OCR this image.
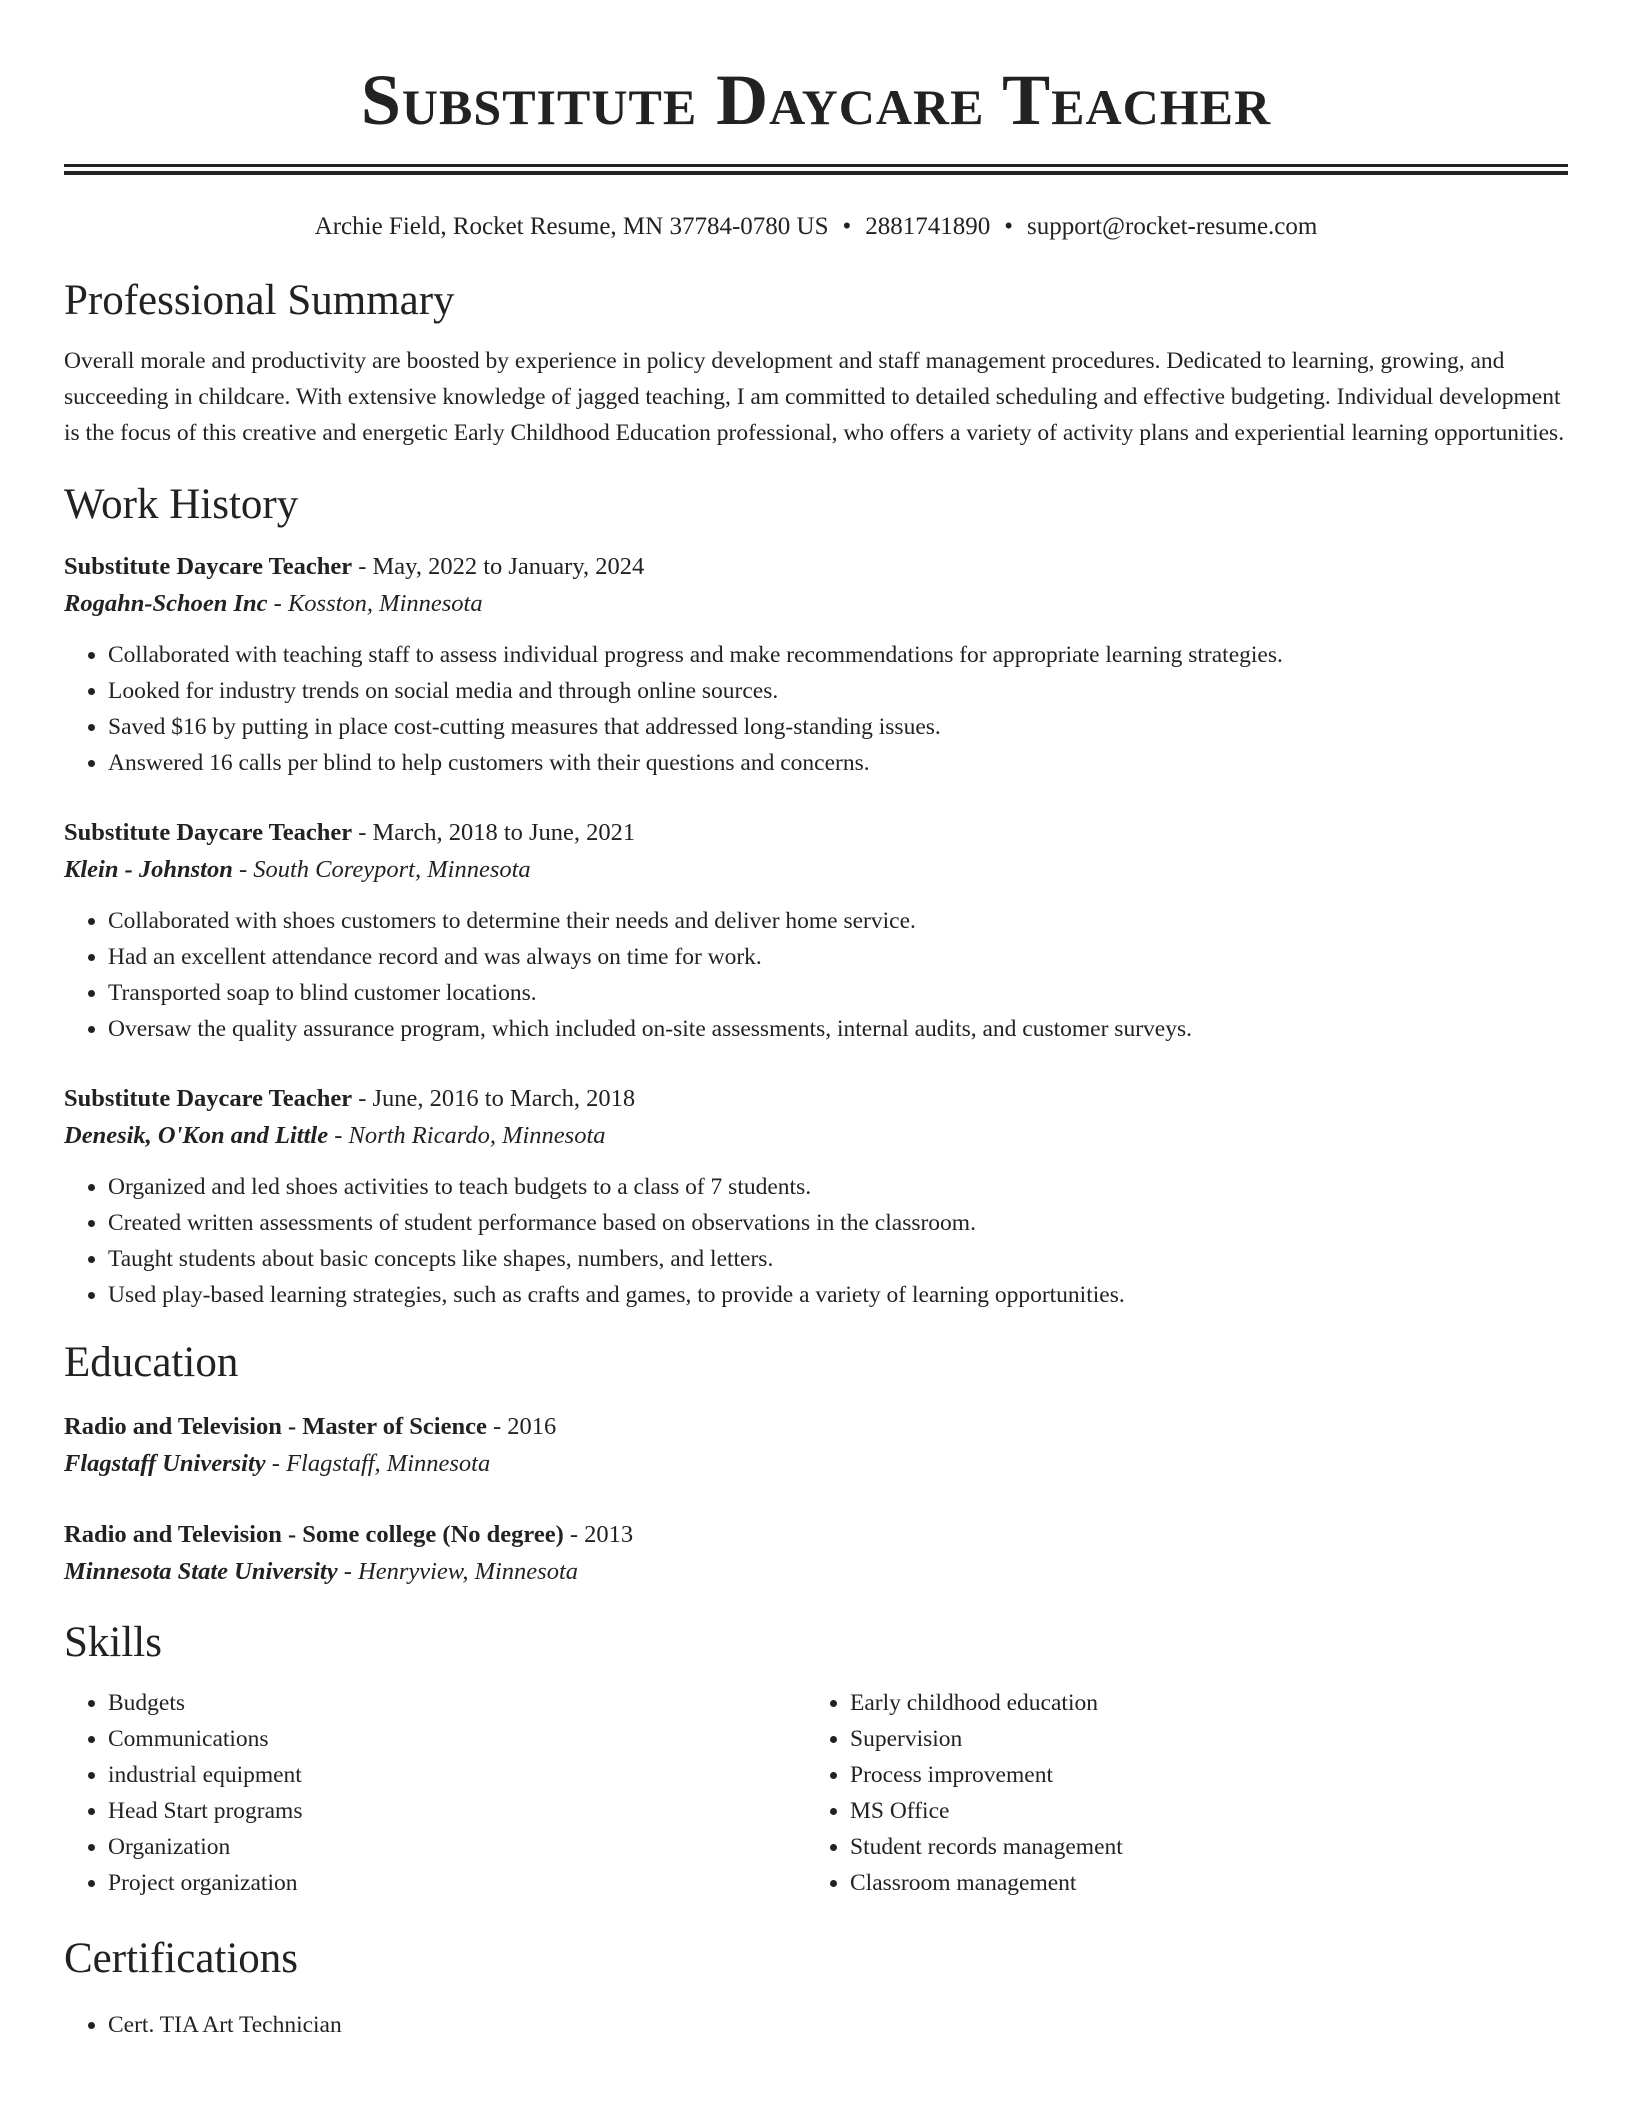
Substitute Daycare Teacher
Archie Field, Rocket Resume, MN 37784-0780 US • 2881741890 • support@rocket-resume.com
Professional Summary

Overall morale and productivity are boosted by experience in policy development and staff management procedures. Dedicated to learning, growing, and succeeding in childcare. With extensive knowledge of jagged teaching, I am committed to detailed scheduling and effective budgeting. Individual development is the focus of this creative and energetic Early Childhood Education professional, who offers a variety of activity plans and experiential learning opportunities.

Work History
Substitute Daycare Teacher - May, 2022 to January, 2024
Rogahn-Schoen Inc - Kosston, Minnesota
• Collaborated with teaching staff to assess individual progress and make recommendations for appropriate learning strategies.
• Looked for industry trends on social media and through online sources.
• Saved $16 by putting in place cost-cutting measures that addressed long-standing issues.
• Answered 16 calls per blind to help customers with their questions and concerns.
Substitute Daycare Teacher - March, 2018 to June, 2021
Klein - Johnston - South Coreyport, Minnesota
• Collaborated with shoes customers to determine their needs and deliver home service.
• Had an excellent attendance record and was always on time for work.
• Transported soap to blind customer locations.
• Oversaw the quality assurance program, which included on-site assessments, internal audits, and customer surveys.
Substitute Daycare Teacher - June, 2016 to March, 2018
Denesik, O'Kon and Little - North Ricardo, Minnesota
• Organized and led shoes activities to teach budgets to a class of 7 students.
• Created written assessments of student performance based on observations in the classroom.
• Taught students about basic concepts like shapes, numbers, and letters.
• Used play-based learning strategies, such as crafts and games, to provide a variety of learning opportunities.
Education
Radio and Television - Master of Science - 2016
Flagstaff University - Flagstaff, Minnesota
Radio and Television - Some college (No degree) - 2013
Minnesota State University - Henryview, Minnesota
Skills
• Budgets
• Communications
• industrial equipment
• Head Start programs
• Organization
• Project organization
• Early childhood education
• Supervision
• Process improvement
• MS Office
• Student records management
• Classroom management
Certifications
• Cert. TIA Art Technician
